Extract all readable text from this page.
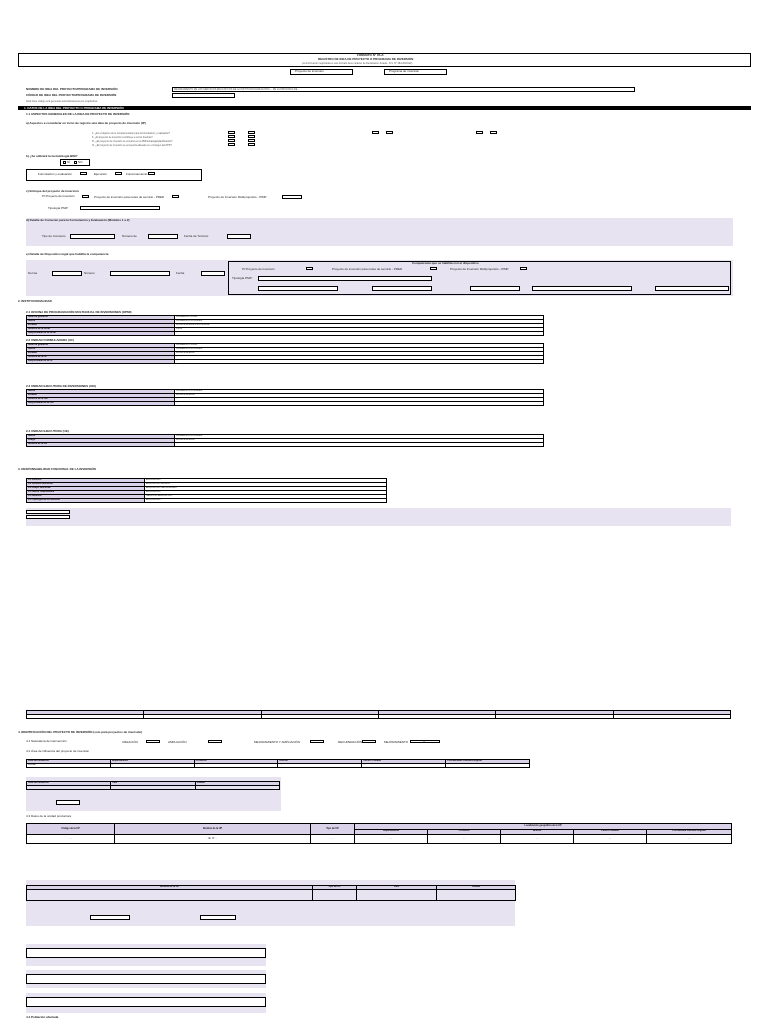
FORMATO N° 05-A:
REGISTRO DE IDEA DE PROYECTO O PROGRAMA DE INVERSIÓN
(La información registrada en este formato tiene carácter de Declaración Jurada - D.S. N° 284-2018-EF)
Proyecto de inversión	Programa de inversión
NOMBRE DE IDEA DEL PROYECTO/PROGRAMA DE INVERSIÓN	MEJORAMIENTO DE LOS SERVICIOS EDUCATIVOS DE LA INSTITUCIÓN EDUCATIVA ... DE LA PROVINCIA DE ...
CÓDIGO DE IDEA DEL PROYECTO/PROGRAMA DE INVERSIÓN
Nota: Este código será generado automáticamente por el aplicativo.
1. DATOS DE LA IDEA DEL PROYECTO O PROGRAMA DE INVERSIÓN
1.1 ASPECTOS GENERALES DE LA IDEA DE PROYECTO DE INVERSIÓN
a) Aspectos a considerar en torno de registro una idea de proyecto de inversión (IP)
1. ¿Es el objetivo de lo complementario para la formulación y evaluación?
II. ¿El proyecto de inversión contribuye a cerrar brechas?
III. ¿El proyecto de inversión se enmarca en la PMI/estrategia/planificación?
IV. ¿El proyecto de inversión se encuentra alineado en el margen del PPP?
b) ¿Se utilizará la metodología BIM?
SÍ	NO
Formulación y evaluación	Ejecución	Funcionamiento
c) Enfoque del proyecto de inversión
PI Proyecto de Inversión	Proyecto de inversión para redes de servicio - PRED	Proyecto de Inversión Multipropósito - PIMP
Tipología PMP:
d) Detalle de Convenio para la Formulación y Evaluación (Módulos 1 a 2)
Tipo de Convenio	Número de	Fecha de Término
e) Detalle de Dispositivo legal que habilita la competencia
Norma	Número	Fecha
Competencia que se habilita con el dispositivo
PI Proyecto de Inversión	Proyecto de inversión para redes de servicio - PRED	Proyecto de Inversión Multipropósito - PIMP
Tipología PMP:
2. INSTITUCIONALIDAD
2.1 OFICINA DE PROGRAMACIÓN MULTIANUAL DE INVERSIONES (OPMI)
Nivel de gobierno	GOBIERNO LOCAL
Sector	GOBIERNOS LOCALES
Entidad	MUNICIPALIDAD PROVINCIAL
Nombre de la OPMI	OPMI
Responsable de la OPMI	...
2.2 UNIDAD FORMULADORA (UF)
Nivel de gobierno	GOBIERNO LOCAL
Sector	GOBIERNOS LOCALES
Entidad	MUNICIPALIDAD
Nombre de la UF	...
Responsable de la UF	...
2.3 UNIDAD EJECUTORA DE INVERSIONES (UEI)
Sector	GOBIERNOS LOCALES
Entidad	MUNICIPALIDAD
Nombre de la UEI	...
Responsable de la UEI	...
2.4 UNIDAD EJECUTORA (UE)
Sector	GOBIERNOS LOCALES
Pliego	MUNICIPALIDAD
Nombre de la UE	...
3. RESPONSABILIDAD FUNCIONAL DE LA INVERSIÓN
3.1 Función	EDUCACIÓN
3.2 División funcional	EDUCACIÓN BÁSICA
3.3 Grupo funcional	EDUCACIÓN SECUNDARIA
3.4 Sector responsable	EDUCACIÓN
3.5 Servicio	SERVICIO EDUCATIVO
3.6 Tipología de la inversión	EDUCACIÓN

4. IDENTIFICACIÓN DEL PROYECTO DE INVERSIÓN (solo para proyectos de inversión)
4.1 Naturaleza de intervención	CREACIÓN	AMPLIACIÓN	MEJORAMIENTO Y AMPLIACIÓN	RECUPERACIÓN	MEJORAMIENTO	X
4.2 Área de influencia del proyecto de inversión
Área de influencia	Departamento	Provincia	Distrito	Centro Poblado	Coordenadas Latitud/Longitud
LOCAL	...	...	...	...	...
Área de influencia	País	Ciudad

4.3 Datos de la unidad productora
Código de la UP	Nombre de la UP	Tipo de UP	Localización geográfica de la UP				
			Departamento	Provincia	Distrito	Centro Poblado	Coordenada Latitud/Longitud
...	I.E. N° ...	...	...	...	...	...	...
Nombre de la UP	Tipo de UP	País	Ciudad

4.4 Población afectada
